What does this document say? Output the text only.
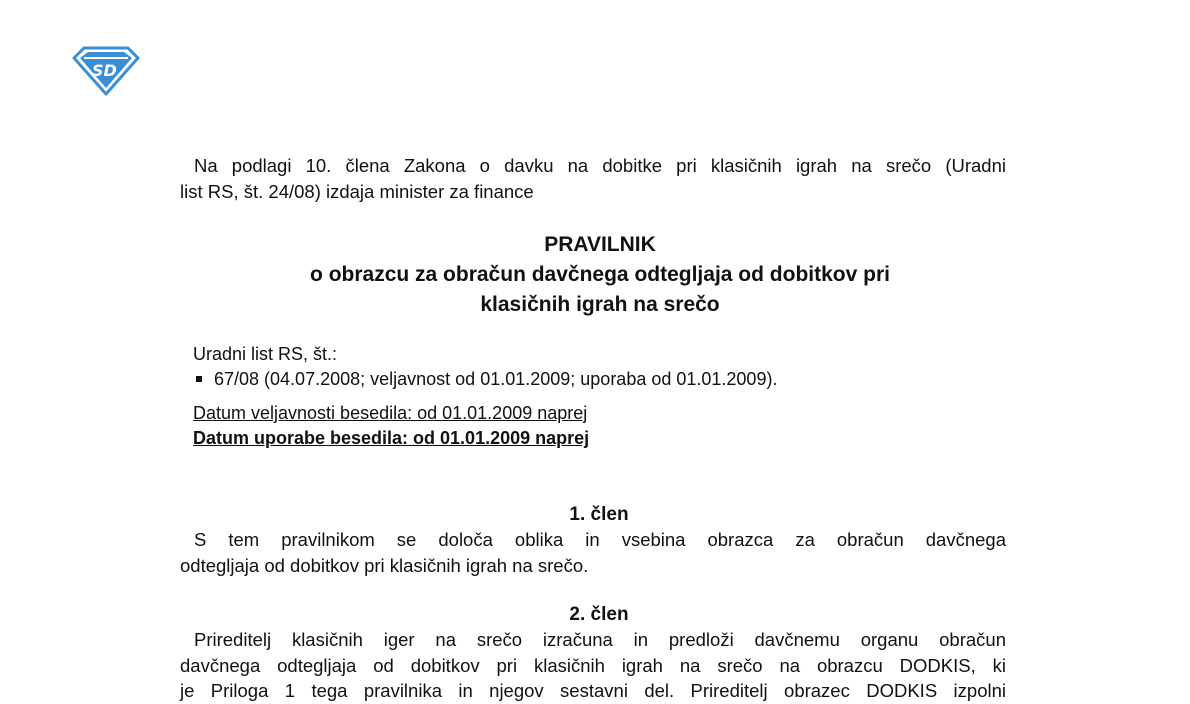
SD
Na podlagi 10. člena Zakona o davku na dobitke pri klasičnih igrah na srečo (Uradni
list RS, št. 24/08) izdaja minister za finance
PRAVILNIK
o obrazcu za obračun davčnega odtegljaja od dobitkov pri
klasičnih igrah na srečo
Uradni list RS, št.:
67/08 (04.07.2008; veljavnost od 01.01.2009; uporaba od 01.01.2009).
Datum veljavnosti besedila: od 01.01.2009 naprej
Datum uporabe besedila: od 01.01.2009 naprej
1. člen
S tem pravilnikom se določa oblika in vsebina obrazca za obračun davčnega
odtegljaja od dobitkov pri klasičnih igrah na srečo.
2. člen
Prireditelj klasičnih iger na srečo izračuna in predloži davčnemu organu obračun
davčnega odtegljaja od dobitkov pri klasičnih igrah na srečo na obrazcu DODKIS, ki
je Priloga 1 tega pravilnika in njegov sestavni del. Prireditelj obrazec DODKIS izpolni
